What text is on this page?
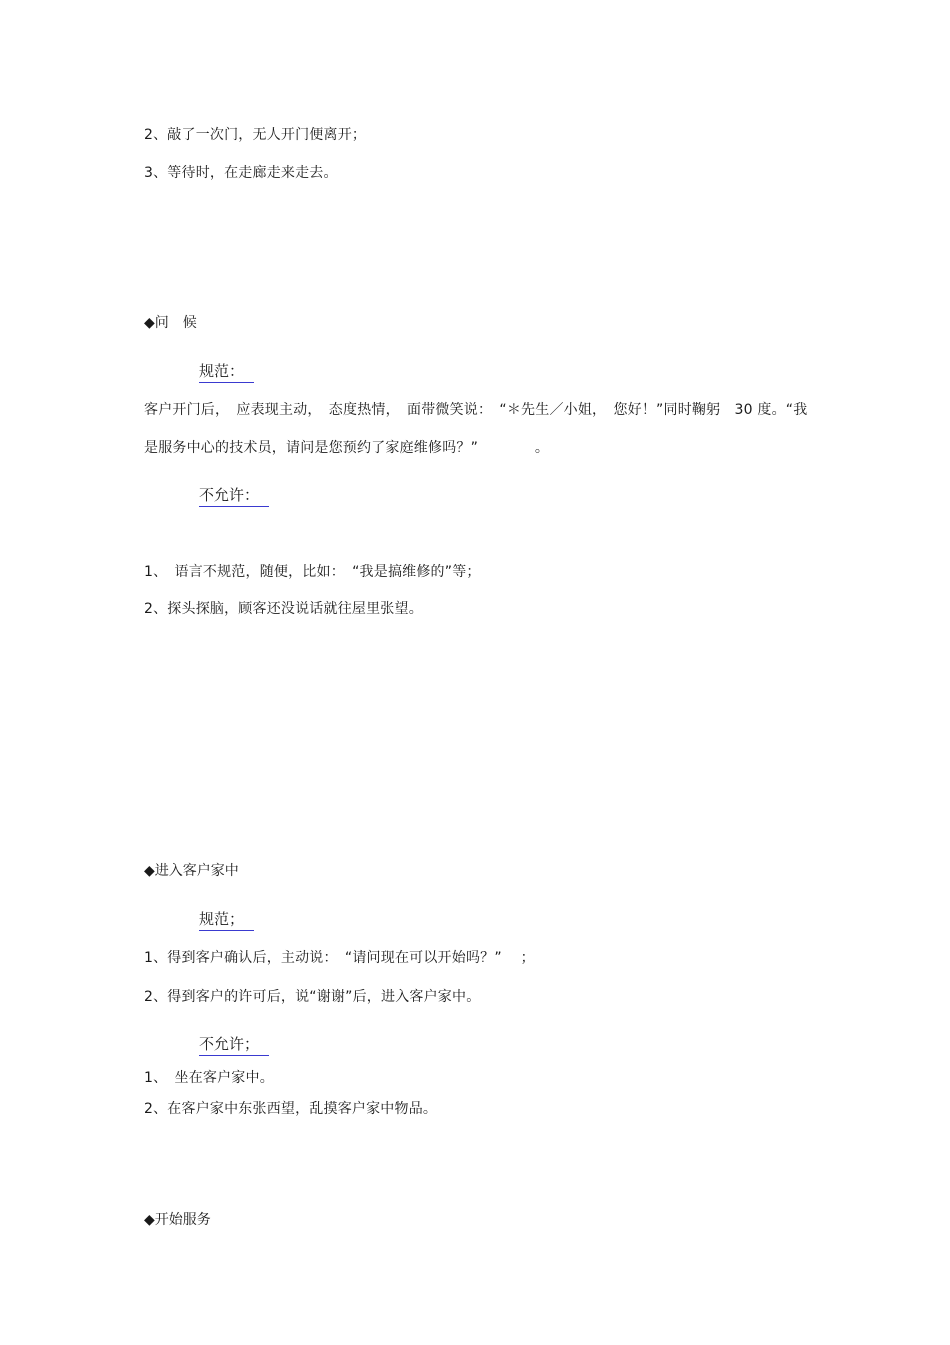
2、敲了一次门，无人开门便离开；
3、等待时，在走廊走来走去。
◆问　候
规范：
客户开门后，　应表现主动，　态度热情，　面带微笑说：　“＊先生／小姐，　您好！”同时鞠躬　30 度。“我
是服务中心的技术员，请问是您预约了家庭维修吗？”　　　　。
不允许：
1、　语言不规范，随便，比如：　“我是搞维修的”等；
2、探头探脑，顾客还没说话就往屋里张望。
◆进入客户家中
规范；
1、得到客户确认后，主动说：　“请问现在可以开始吗？”　 ；
2、得到客户的许可后，说“谢谢”后，进入客户家中。
不允许；
1、　坐在客户家中。
2、在客户家中东张西望，乱摸客户家中物品。
◆开始服务
